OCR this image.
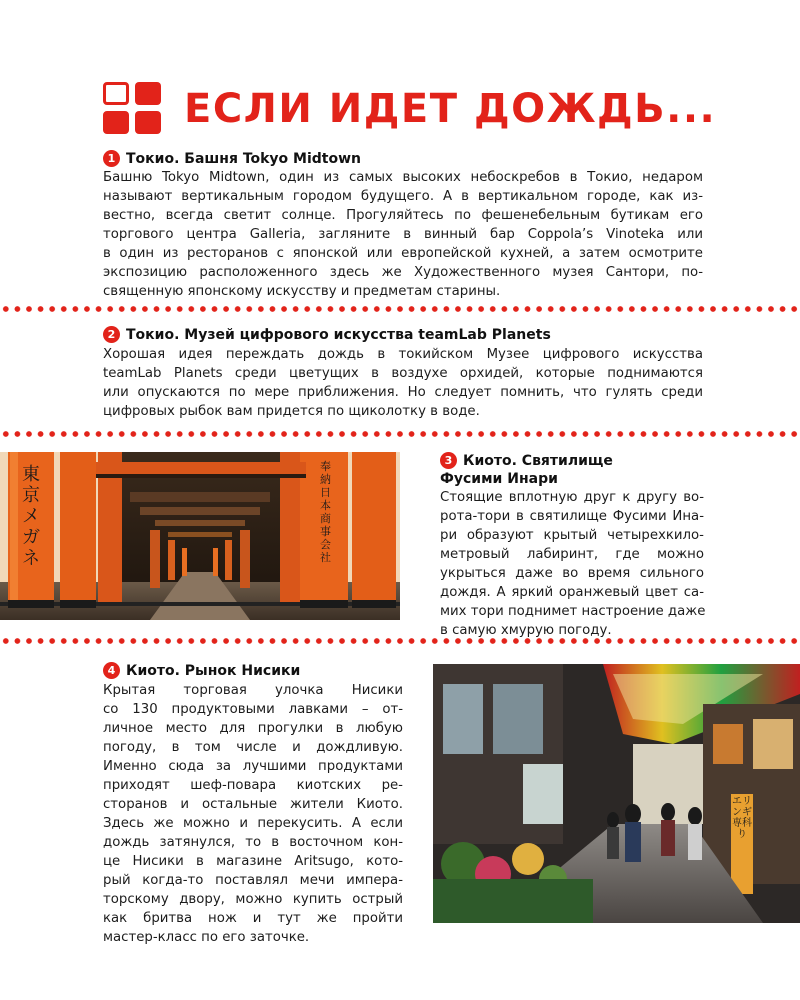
ЕСЛИ ИДЕТ ДОЖДЬ...
1 Токио. Башня Tokyo Midtown
Башню Tokyo Midtown, один из самых высоких небоскребов в Токио, недаром
называют вертикальным городом будущего. А в вертикальном городе, как из-
вестно, всегда светит солнце. Прогуляйтесь по фешенебельным бутикам его
торгового центра Galleria, загляните в винный бар Coppola’s Vinoteka или
в один из ресторанов с японской или европейской кухней, а затем осмотрите
экспозицию расположенного здесь же Художественного музея Сантори, по-
священную японскому искусству и предметам старины.
2 Токио. Музей цифрового искусства teamLab Planets
Хорошая идея переждать дождь в токийском Музее цифрового искусства
teamLab Planets среди цветущих в воздухе орхидей, которые поднимаются
или опускаются по мере приближения. Но следует помнить, что гулять среди
цифровых рыбок вам придется по щиколотку в воде.
東京メガネ
奉納 日本商事 会社
3 Киото. Святилище
Фусими Инари
Стоящие вплотную друг к другу во-
рота-тори в святилище Фусими Ина-
ри образуют крытый четырехкило-
метровый лабиринт, где можно
укрыться даже во время сильного
дождя. А яркий оранжевый цвет са-
мих тори поднимет настроение даже
в самую хмурую погоду.
4 Киото. Рынок Нисики
Крытая торговая улочка Нисики
со 130 продуктовыми лавками – от-
личное место для прогулки в любую
погоду, в том числе и дождливую.
Именно сюда за лучшими продуктами
приходят шеф-повара киотских ре-
сторанов и остальные жители Киото.
Здесь же можно и перекусить. А если
дождь затянулся, то в восточном кон-
це Нисики в магазине Aritsugo, кото-
рый когда-то поставлял мечи импера-
торскому двору, можно купить острый
как бритва нож и тут же пройти
мастер-класс по его заточке.
エリンギ専科り
